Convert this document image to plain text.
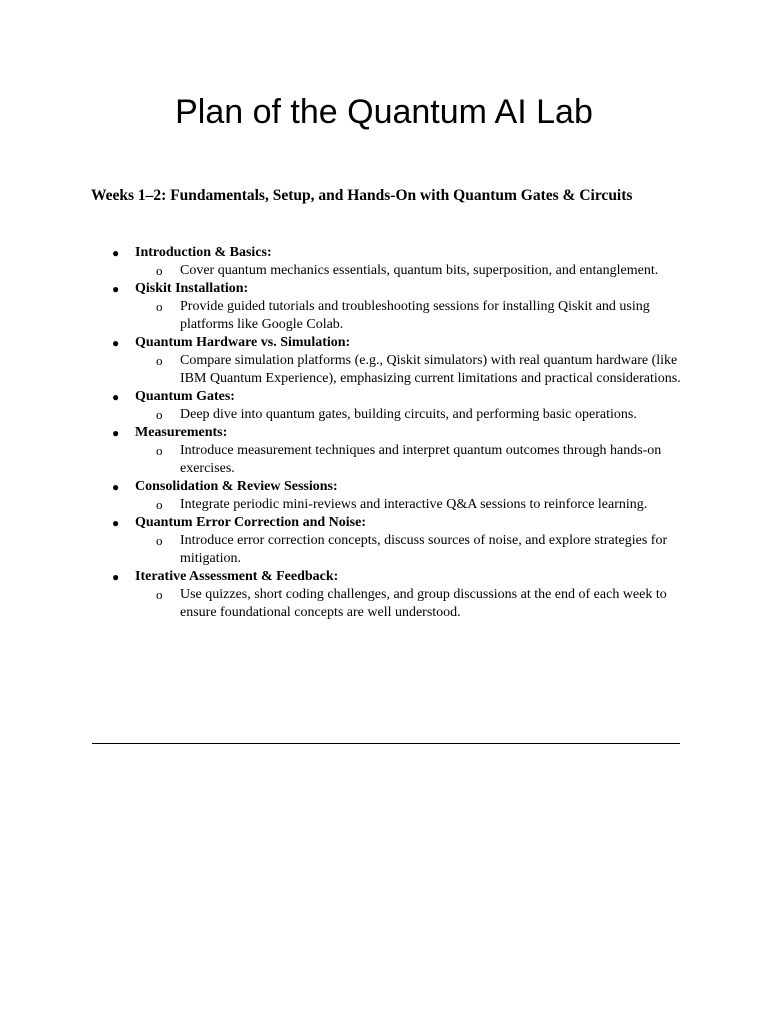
Plan of the Quantum AI Lab
Weeks 1–2: Fundamentals, Setup, and Hands-On with Quantum Gates & Circuits
● Introduction & Basics:
o Cover quantum mechanics essentials, quantum bits, superposition, and entanglement.
● Qiskit Installation:
o Provide guided tutorials and troubleshooting sessions for installing Qiskit and using platforms like Google Colab.
● Quantum Hardware vs. Simulation:
o Compare simulation platforms (e.g., Qiskit simulators) with real quantum hardware (like IBM Quantum Experience), emphasizing current limitations and practical considerations.
● Quantum Gates:
o Deep dive into quantum gates, building circuits, and performing basic operations.
● Measurements:
o Introduce measurement techniques and interpret quantum outcomes through hands-on exercises.
● Consolidation & Review Sessions:
o Integrate periodic mini-reviews and interactive Q&A sessions to reinforce learning.
● Quantum Error Correction and Noise:
o Introduce error correction concepts, discuss sources of noise, and explore strategies for mitigation.
● Iterative Assessment & Feedback:
o Use quizzes, short coding challenges, and group discussions at the end of each week to ensure foundational concepts are well understood.
